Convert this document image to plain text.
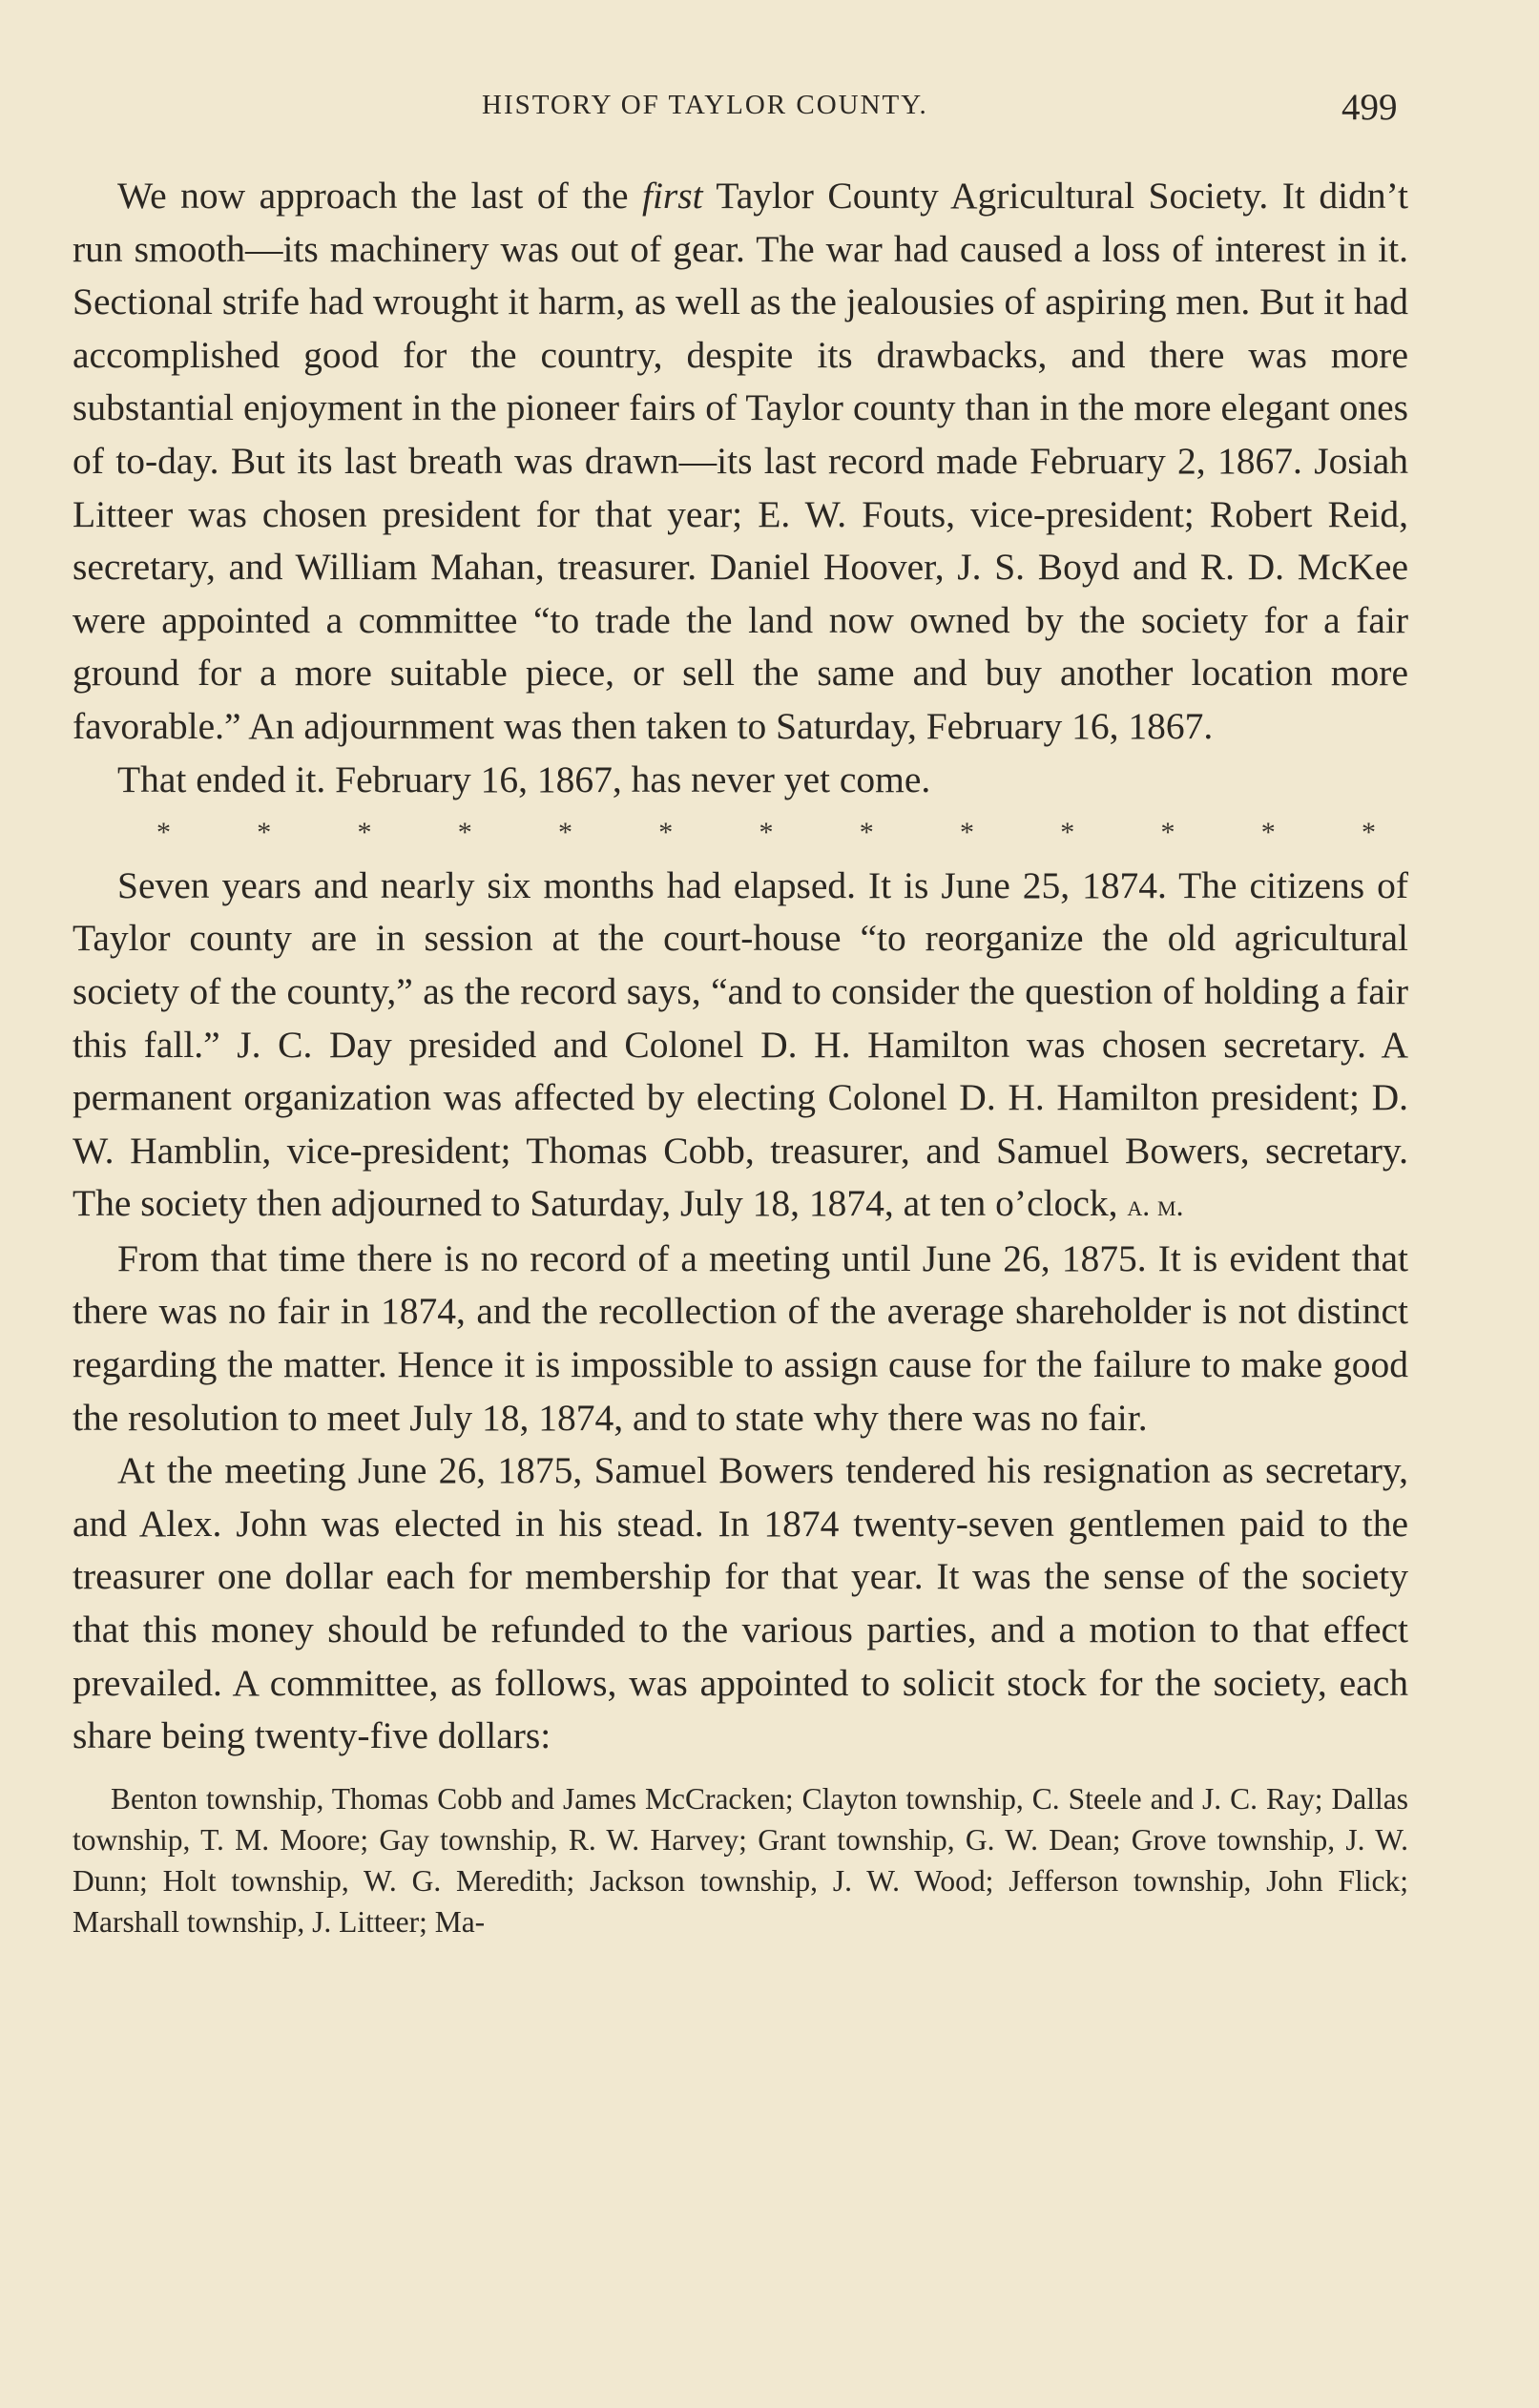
HISTORY OF TAYLOR COUNTY.	499

We now approach the last of the first Taylor County Agricultural Society. It didn’t run smooth—its machinery was out of gear. The war had caused a loss of interest in it. Sectional strife had wrought it harm, as well as the jealousies of aspiring men. But it had accomplished good for the country, despite its drawbacks, and there was more substantial enjoyment in the pioneer fairs of Taylor county than in the more elegant ones of to-day. But its last breath was drawn—its last record made February 2, 1867. Josiah Litteer was chosen president for that year; E. W. Fouts, vice-president; Robert Reid, secretary, and William Mahan, treasurer. Daniel Hoover, J. S. Boyd and R. D. McKee were appointed a committee “to trade the land now owned by the society for a fair ground for a more suitable piece, or sell the same and buy another location more favorable.” An adjournment was then taken to Saturday, February 16, 1867.

That ended it. February 16, 1867, has never yet come.

*	*	*	*	*	*	*	*	*	*	*	*	*

Seven years and nearly six months had elapsed. It is June 25, 1874. The citizens of Taylor county are in session at the court-house “to reorganize the old agricultural society of the county,” as the record says, “and to consider the question of holding a fair this fall.” J. C. Day presided and Colonel D. H. Hamilton was chosen secretary. A permanent organization was affected by electing Colonel D. H. Hamilton president; D. W. Hamblin, vice-president; Thomas Cobb, treasurer, and Samuel Bowers, secretary. The society then adjourned to Saturday, July 18, 1874, at ten o’clock, a. m.

From that time there is no record of a meeting until June 26, 1875. It is evident that there was no fair in 1874, and the recollection of the average shareholder is not distinct regarding the matter. Hence it is impossible to assign cause for the failure to make good the resolution to meet July 18, 1874, and to state why there was no fair.

At the meeting June 26, 1875, Samuel Bowers tendered his resignation as secretary, and Alex. John was elected in his stead. In 1874 twenty-seven gentlemen paid to the treasurer one dollar each for membership for that year. It was the sense of the society that this money should be refunded to the various parties, and a motion to that effect prevailed. A committee, as follows, was appointed to solicit stock for the society, each share being twenty-five dollars:

Benton township, Thomas Cobb and James McCracken; Clayton township, C. Steele and J. C. Ray; Dallas township, T. M. Moore; Gay township, R. W. Harvey; Grant township, G. W. Dean; Grove township, J. W. Dunn; Holt township, W. G. Meredith; Jackson township, J. W. Wood; Jefferson township, John Flick; Marshall township, J. Litteer; Ma-
